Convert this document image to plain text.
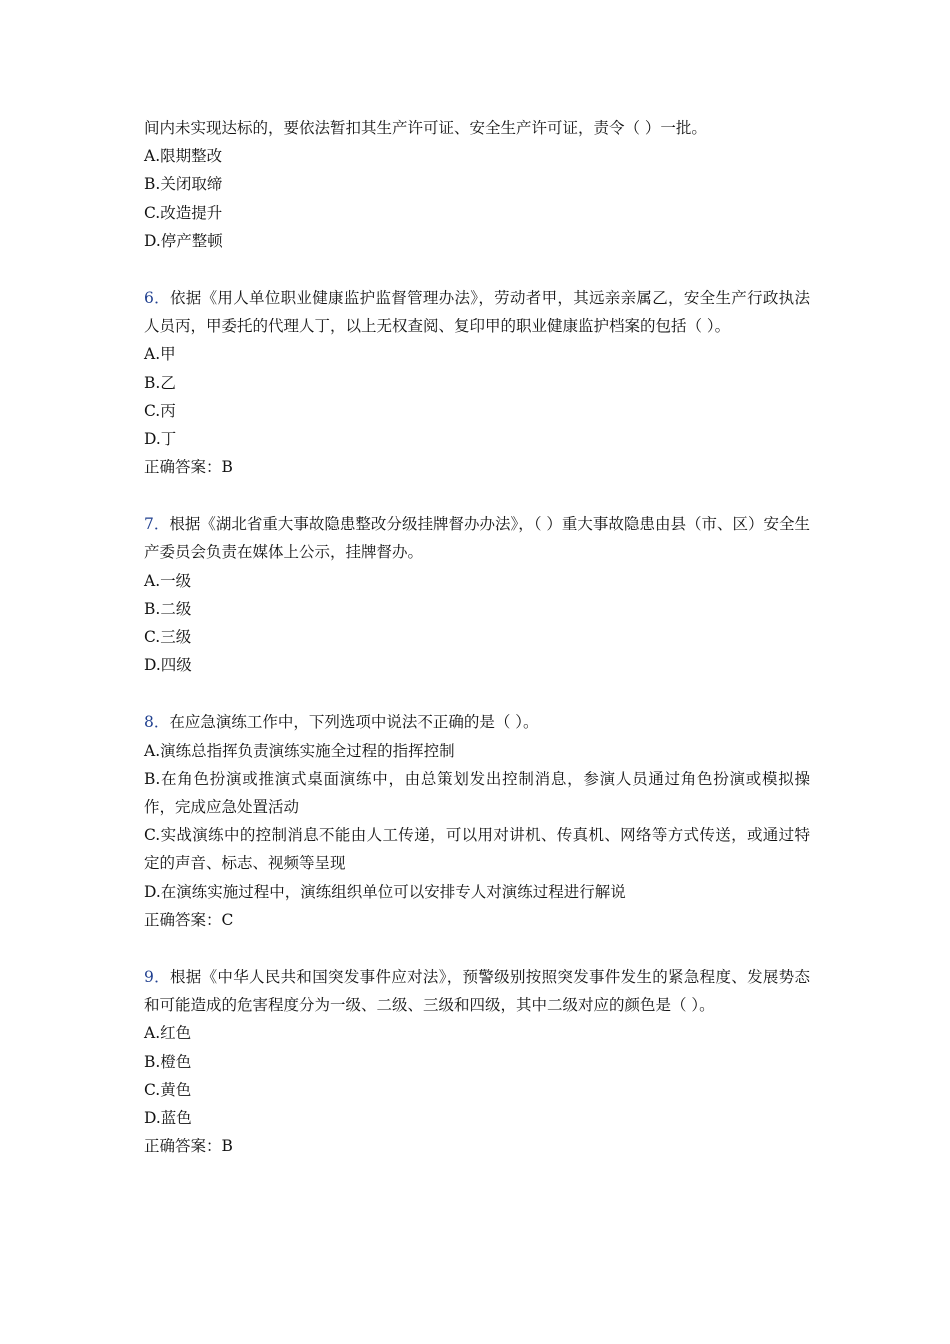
间内未实现达标的，要依法暂扣其生产许可证、安全生产许可证，责令（ ）一批。
A.限期整改
B.关闭取缔
C.改造提升
D.停产整顿
6．依据《用人单位职业健康监护监督管理办法》，劳动者甲，其远亲亲属乙，安全生产行政执法人员丙，甲委托的代理人丁，以上无权查阅、复印甲的职业健康监护档案的包括（ ）。
A.甲
B.乙
C.丙
D.丁
正确答案：B
7．根据《湖北省重大事故隐患整改分级挂牌督办办法》，（ ）重大事故隐患由县（市、区）安全生产委员会负责在媒体上公示，挂牌督办。
A.一级
B.二级
C.三级
D.四级
8．在应急演练工作中，下列选项中说法不正确的是（ ）。
A.演练总指挥负责演练实施全过程的指挥控制
B.在角色扮演或推演式桌面演练中，由总策划发出控制消息，参演人员通过角色扮演或模拟操作，完成应急处置活动
C.实战演练中的控制消息不能由人工传递，可以用对讲机、传真机、网络等方式传送，或通过特定的声音、标志、视频等呈现
D.在演练实施过程中，演练组织单位可以安排专人对演练过程进行解说
正确答案：C
9．根据《中华人民共和国突发事件应对法》，预警级别按照突发事件发生的紧急程度、发展势态和可能造成的危害程度分为一级、二级、三级和四级，其中二级对应的颜色是（ ）。
A.红色
B.橙色
C.黄色
D.蓝色
正确答案：B
